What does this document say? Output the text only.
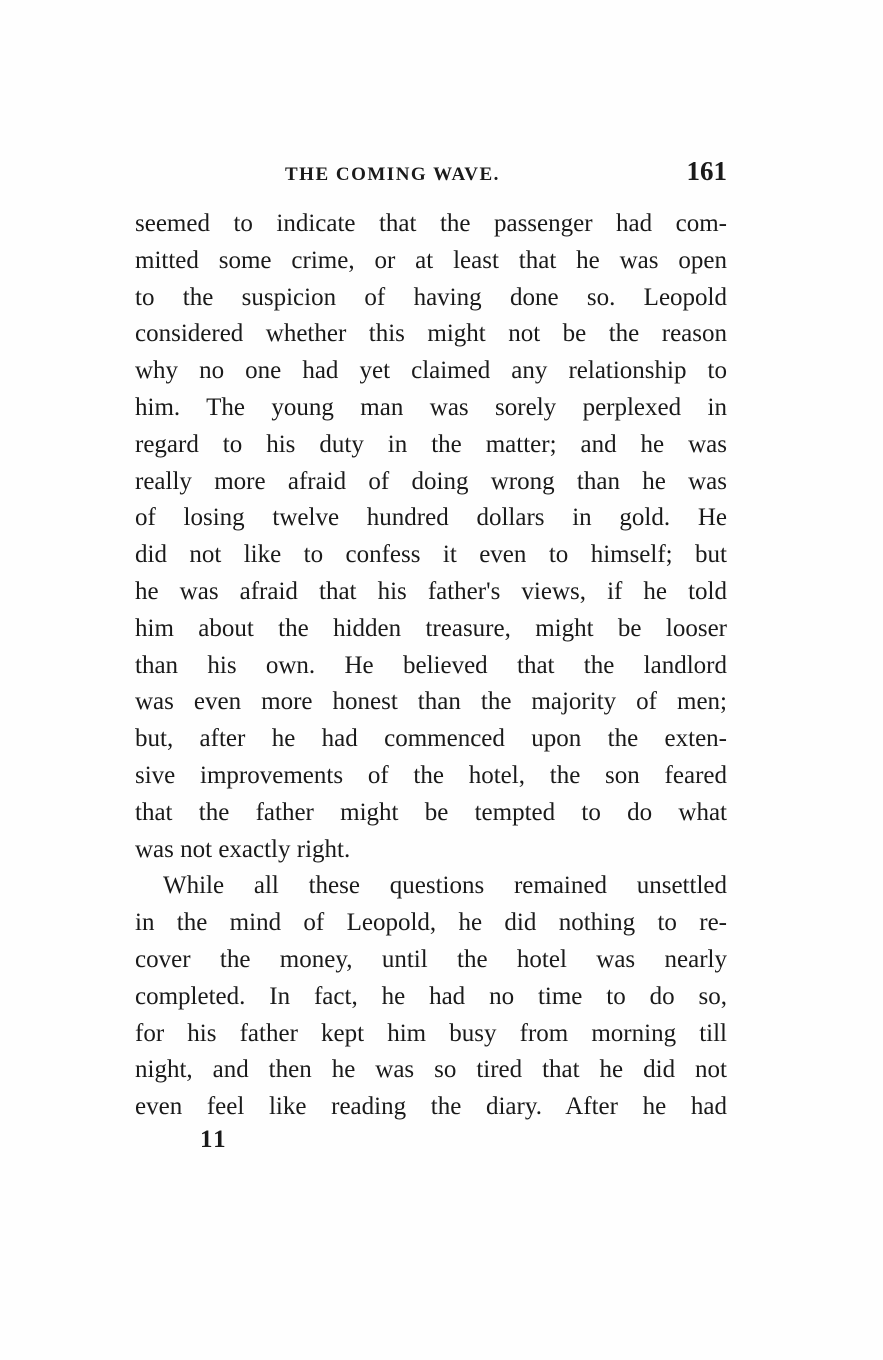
THE COMING WAVE.	161
seemed to indicate that the passenger had com-
mitted some crime, or at least that he was open
to the suspicion of having done so. Leopold
considered whether this might not be the reason
why no one had yet claimed any relationship to
him. The young man was sorely perplexed in
regard to his duty in the matter; and he was
really more afraid of doing wrong than he was
of losing twelve hundred dollars in gold. He
did not like to confess it even to himself; but
he was afraid that his father's views, if he told
him about the hidden treasure, might be looser
than his own. He believed that the landlord
was even more honest than the majority of men;
but, after he had commenced upon the exten-
sive improvements of the hotel, the son feared
that the father might be tempted to do what
was not exactly right.
While all these questions remained unsettled
in the mind of Leopold, he did nothing to re-
cover the money, until the hotel was nearly
completed. In fact, he had no time to do so,
for his father kept him busy from morning till
night, and then he was so tired that he did not
even feel like reading the diary. After he had
11
